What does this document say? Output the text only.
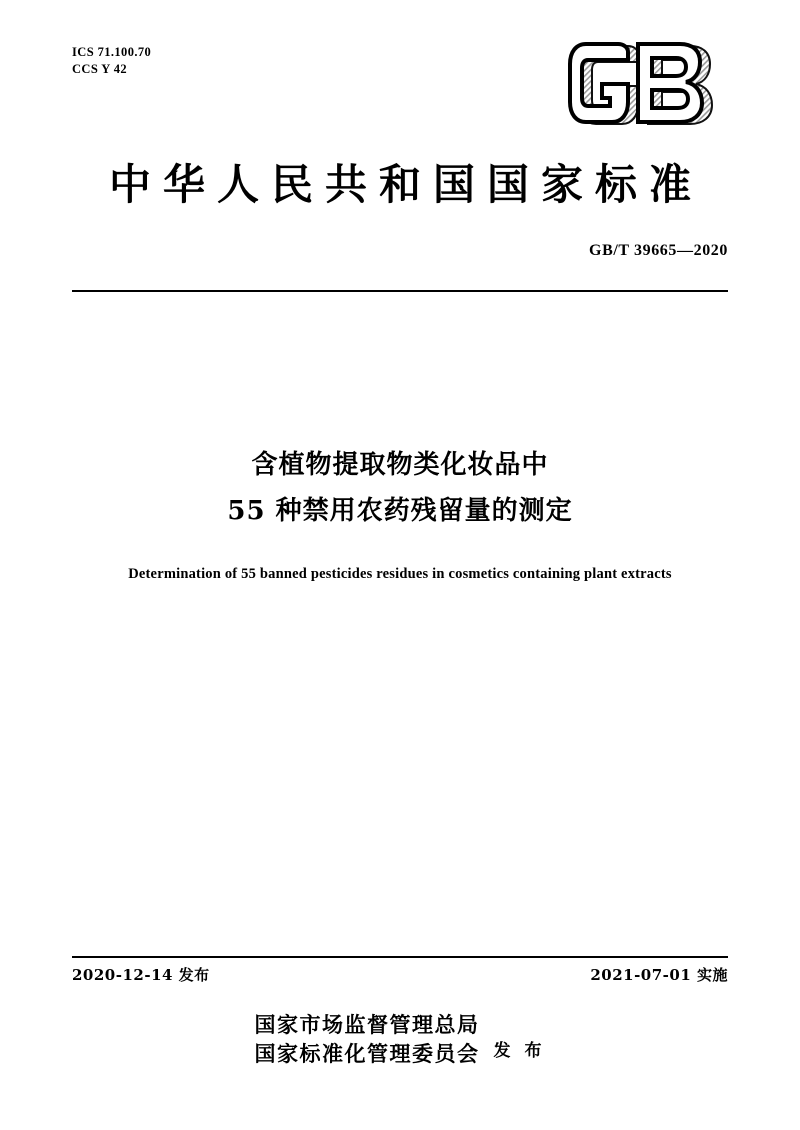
ICS 71.100.70
CCS Y 42
中华人民共和国国家标准
GB/T 39665—2020
含植物提取物类化妆品中
55 种禁用农药残留量的测定
Determination of 55 banned pesticides residues in cosmetics containing plant extracts
2020-12-14 发布	2021-07-01 实施
国家市场监督管理总局
国家标准化管理委员会 发 布
